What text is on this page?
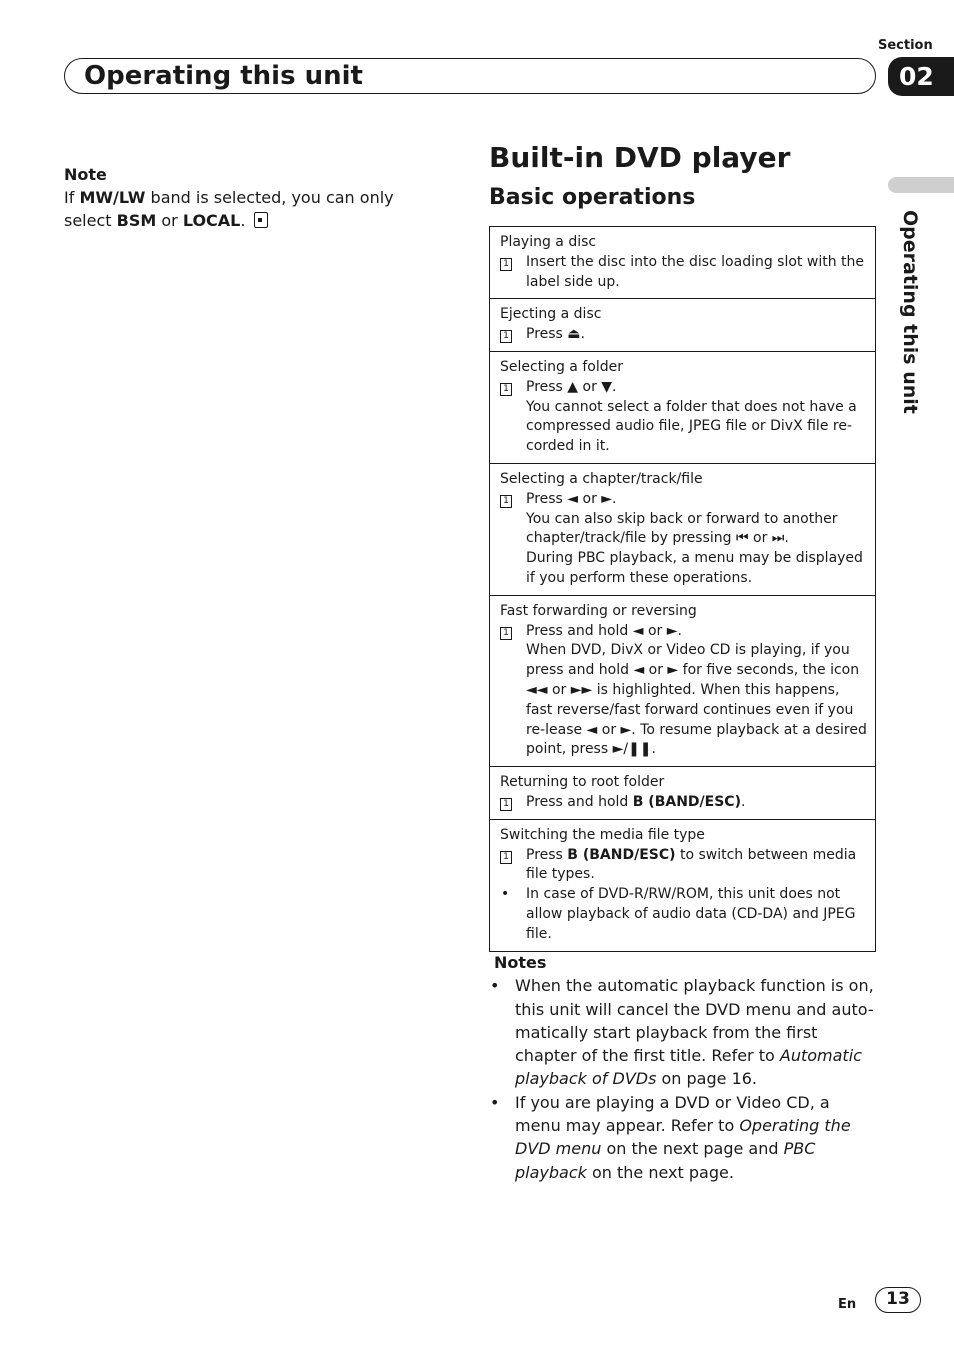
Section
02
Operating this unit
Operating this unit
Note
If MW/LW band is selected, you can only select BSM or LOCAL.
Built-in DVD player
Basic operations
Playing a disc
1	Insert the disc into the disc loading slot with the label side up.
Ejecting a disc
1	Press ⏏.
Selecting a folder
1	Press ▲ or ▼.
You cannot select a folder that does not have a compressed audio file, JPEG file or DivX file re-corded in it.
Selecting a chapter/track/file
1	Press ◄ or ►.
You can also skip back or forward to another chapter/track/file by pressing ⏮ or ⏭.
During PBC playback, a menu may be displayed if you perform these operations.
Fast forwarding or reversing
1	Press and hold ◄ or ►.
When DVD, DivX or Video CD is playing, if you press and hold ◄ or ► for five seconds, the icon ◄◄ or ►► is highlighted. When this happens, fast reverse/fast forward continues even if you re-lease ◄ or ►. To resume playback at a desired point, press ►/❚❚.
Returning to root folder
1	Press and hold B (BAND/ESC).
Switching the media file type
1	Press B (BAND/ESC) to switch between media file types.
•	In case of DVD-R/RW/ROM, this unit does not allow playback of audio data (CD-DA) and JPEG file.
Notes
• When the automatic playback function is on, this unit will cancel the DVD menu and auto-matically start playback from the first chapter of the first title. Refer to Automatic playback of DVDs on page 16.
• If you are playing a DVD or Video CD, a menu may appear. Refer to Operating the DVD menu on the next page and PBC playback on the next page.
En	13
